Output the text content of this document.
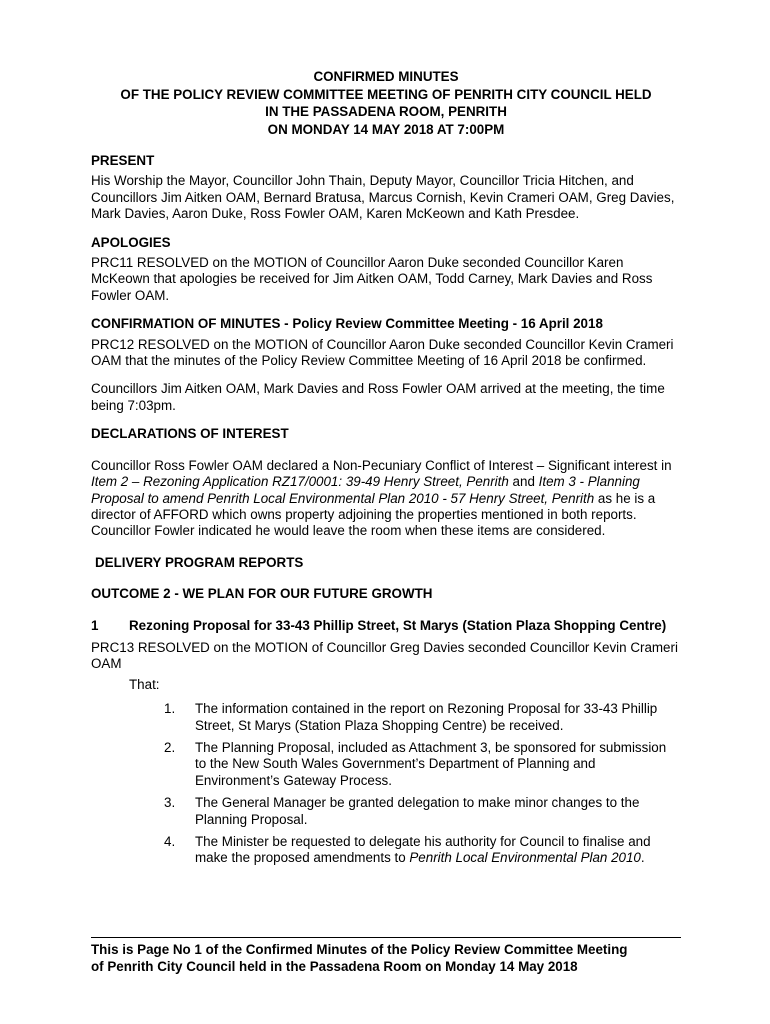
CONFIRMED MINUTES
OF THE POLICY REVIEW COMMITTEE MEETING OF PENRITH CITY COUNCIL HELD
IN THE PASSADENA ROOM, PENRITH
ON MONDAY 14 MAY 2018 AT 7:00PM

PRESENT

His Worship the Mayor, Councillor John Thain, Deputy Mayor, Councillor Tricia Hitchen, and Councillors Jim Aitken OAM, Bernard Bratusa, Marcus Cornish, Kevin Crameri OAM, Greg Davies, Mark Davies, Aaron Duke, Ross Fowler OAM, Karen McKeown and Kath Presdee.

APOLOGIES

PRC11 RESOLVED on the MOTION of Councillor Aaron Duke seconded Councillor Karen McKeown that apologies be received for Jim Aitken OAM, Todd Carney, Mark Davies and Ross Fowler OAM.

CONFIRMATION OF MINUTES - Policy Review Committee Meeting - 16 April 2018

PRC12 RESOLVED on the MOTION of Councillor Aaron Duke seconded Councillor Kevin Crameri OAM that the minutes of the Policy Review Committee Meeting of 16 April 2018 be confirmed.

Councillors Jim Aitken OAM, Mark Davies and Ross Fowler OAM arrived at the meeting, the time being 7:03pm.

DECLARATIONS OF INTEREST

Councillor Ross Fowler OAM declared a Non-Pecuniary Conflict of Interest – Significant interest in Item 2 – Rezoning Application RZ17/0001: 39-49 Henry Street, Penrith and Item 3 - Planning Proposal to amend Penrith Local Environmental Plan 2010 - 57 Henry Street, Penrith as he is a director of AFFORD which owns property adjoining the properties mentioned in both reports. Councillor Fowler indicated he would leave the room when these items are considered.

DELIVERY PROGRAM REPORTS

OUTCOME 2 - WE PLAN FOR OUR FUTURE GROWTH

1	Rezoning Proposal for 33-43 Phillip Street, St Marys (Station Plaza Shopping Centre)

PRC13 RESOLVED on the MOTION of Councillor Greg Davies seconded Councillor Kevin Crameri OAM

That:

1.	The information contained in the report on Rezoning Proposal for 33-43 Phillip Street, St Marys (Station Plaza Shopping Centre) be received.
2.	The Planning Proposal, included as Attachment 3, be sponsored for submission to the New South Wales Government’s Department of Planning and Environment’s Gateway Process.
3.	The General Manager be granted delegation to make minor changes to the Planning Proposal.
4.	The Minister be requested to delegate his authority for Council to finalise and make the proposed amendments to Penrith Local Environmental Plan 2010.
This is Page No 1 of the Confirmed Minutes of the Policy Review Committee Meeting
of Penrith City Council held in the Passadena Room on Monday 14 May 2018
